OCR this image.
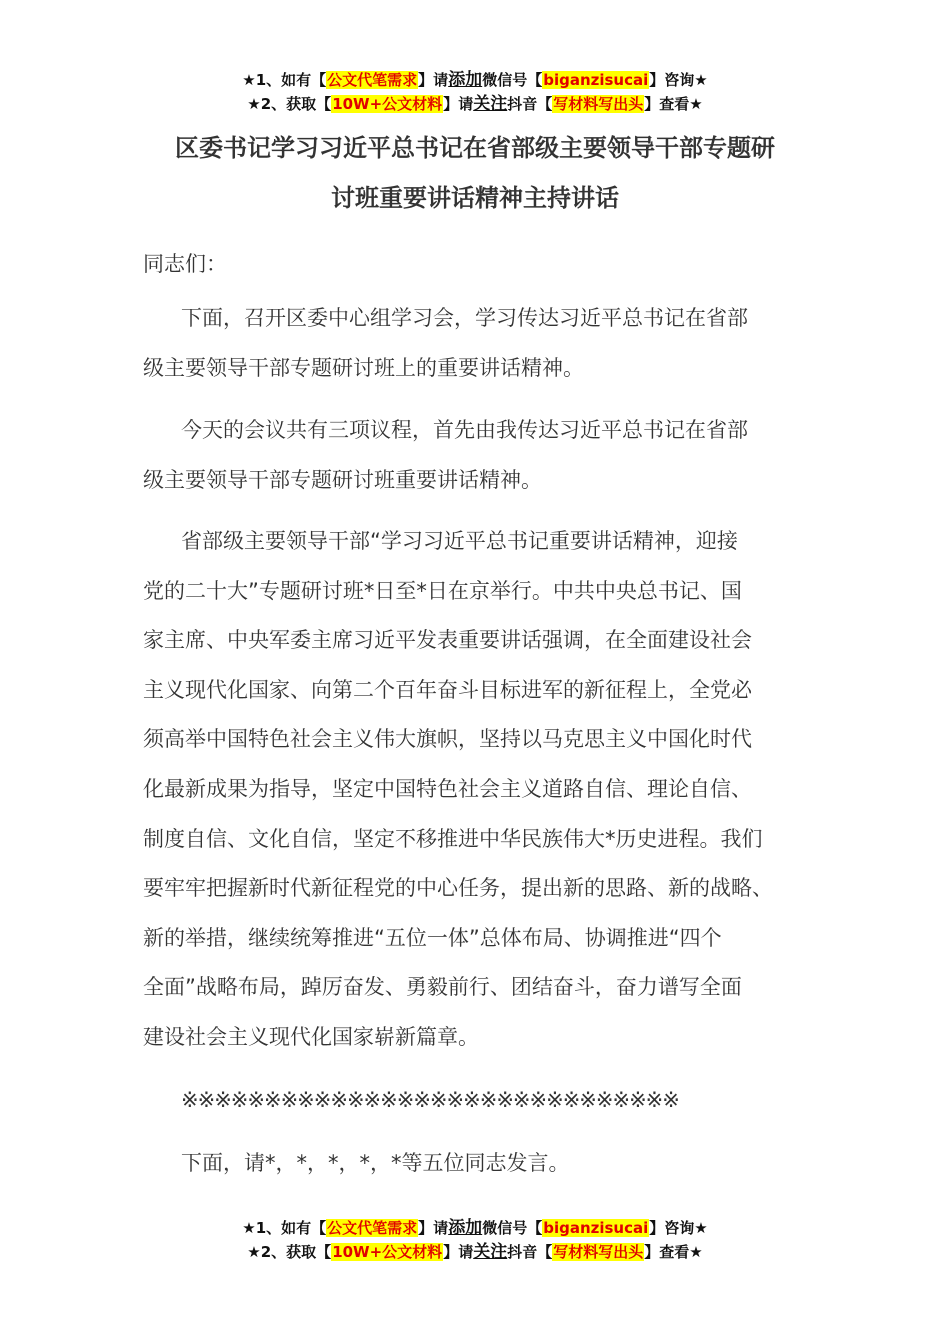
★1、如有【公文代笔需求】请添加微信号【biganzisucai】咨询★
★2、获取【10W+公文材料】请关注抖音【写材料写出头】查看★
区委书记学习习近平总书记在省部级主要领导干部专题研
讨班重要讲话精神主持讲话
同志们：
下面，召开区委中心组学习会，学习传达习近平总书记在省部
级主要领导干部专题研讨班上的重要讲话精神。
今天的会议共有三项议程，首先由我传达习近平总书记在省部
级主要领导干部专题研讨班重要讲话精神。
省部级主要领导干部“学习习近平总书记重要讲话精神，迎接
党的二十大”专题研讨班*日至*日在京举行。中共中央总书记、国
家主席、中央军委主席习近平发表重要讲话强调，在全面建设社会
主义现代化国家、向第二个百年奋斗目标进军的新征程上，全党必
须高举中国特色社会主义伟大旗帜，坚持以马克思主义中国化时代
化最新成果为指导，坚定中国特色社会主义道路自信、理论自信、
制度自信、文化自信，坚定不移推进中华民族伟大*历史进程。我们
要牢牢把握新时代新征程党的中心任务，提出新的思路、新的战略、
新的举措，继续统筹推进“五位一体”总体布局、协调推进“四个
全面”战略布局，踔厉奋发、勇毅前行、团结奋斗，奋力谱写全面
建设社会主义现代化国家崭新篇章。
※※※※※※※※※※※※※※※※※※※※※※※※※※※※※※
下面，请*，*，*，*，*等五位同志发言。
★1、如有【公文代笔需求】请添加微信号【biganzisucai】咨询★
★2、获取【10W+公文材料】请关注抖音【写材料写出头】查看★
